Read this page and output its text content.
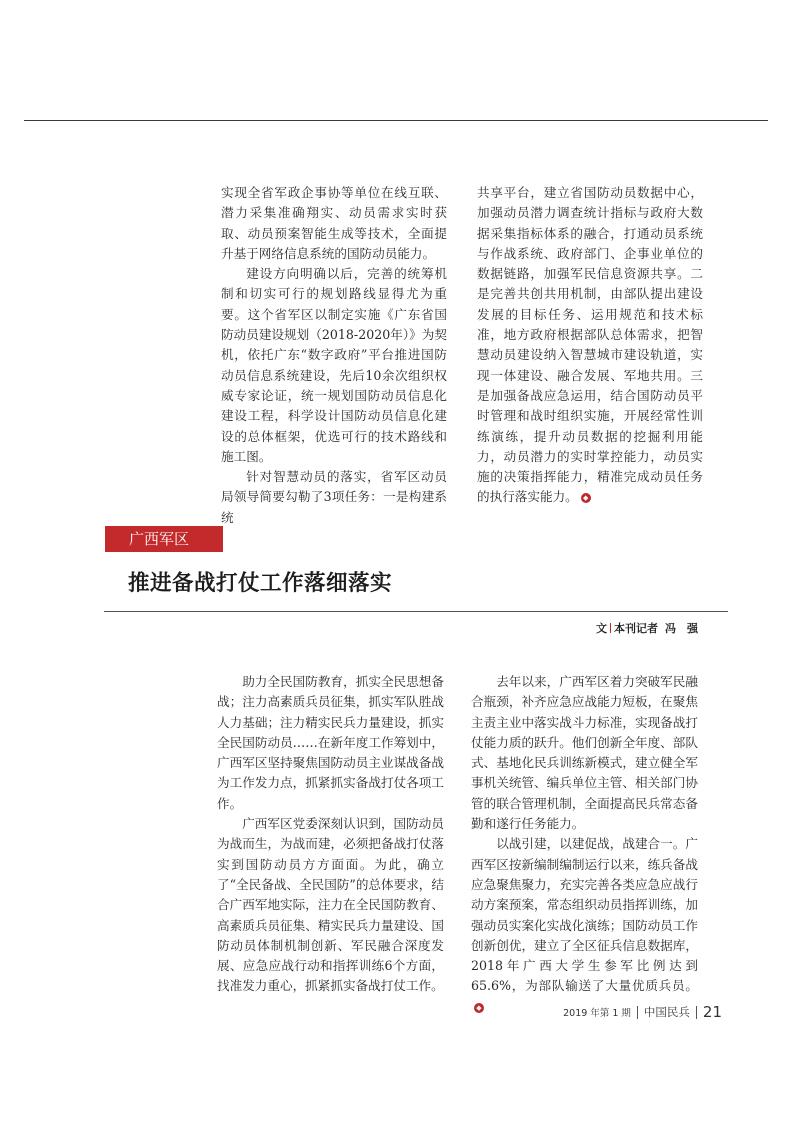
实现全省军政企事协等单位在线互联、潜力采集准确翔实、动员需求实时获取、动员预案智能生成等技术，全面提升基于网络信息系统的国防动员能力。

建设方向明确以后，完善的统筹机制和切实可行的规划路线显得尤为重要。这个省军区以制定实施《广东省国防动员建设规划（2018-2020年）》为契机，依托广东“数字政府”平台推进国防动员信息系统建设，先后10余次组织权威专家论证，统一规划国防动员信息化建设工程，科学设计国防动员信息化建设的总体框架，优选可行的技术路线和施工图。

针对智慧动员的落实，省军区动员局领导简要勾勒了3项任务：一是构建系统

共享平台，建立省国防动员数据中心，加强动员潜力调查统计指标与政府大数据采集指标体系的融合，打通动员系统与作战系统、政府部门、企事业单位的数据链路，加强军民信息资源共享。二是完善共创共用机制，由部队提出建设发展的目标任务、运用规范和技术标准，地方政府根据部队总体需求，把智慧动员建设纳入智慧城市建设轨道，实现一体建设、融合发展、军地共用。三是加强备战应急运用，结合国防动员平时管理和战时组织实施，开展经常性训练演练，提升动员数据的挖掘利用能力，动员潜力的实时掌控能力，动员实施的决策指挥能力，精准完成动员任务的执行落实能力。 ◆

广西军区
推进备战打仗工作落细落实
文 本刊记者 冯　强

助力全民国防教育，抓实全民思想备战；注力高素质兵员征集，抓实军队胜战人力基础；注力精实民兵力量建设，抓实全民国防动员……在新年度工作筹划中，广西军区坚持聚焦国防动员主业谋战备战为工作发力点，抓紧抓实备战打仗各项工作。

广西军区党委深刻认识到，国防动员为战而生，为战而建，必须把备战打仗落实到国防动员方方面面。为此，确立了“全民备战、全民国防”的总体要求，结合广西军地实际，注力在全民国防教育、高素质兵员征集、精实民兵力量建设、国防动员体制机制创新、军民融合深度发展、应急应战行动和指挥训练6个方面，找准发力重心，抓紧抓实备战打仗工作。

去年以来，广西军区着力突破军民融合瓶颈，补齐应急应战能力短板，在聚焦主责主业中落实战斗力标准，实现备战打仗能力质的跃升。他们创新全年度、部队式、基地化民兵训练新模式，建立健全军事机关统管、编兵单位主管、相关部门协管的联合管理机制，全面提高民兵常态备勤和遂行任务能力。

以战引建，以建促战，战建合一。广西军区按新编制编制运行以来，练兵备战应急聚焦聚力，充实完善各类应急应战行动方案预案，常态组织动员指挥训练，加强动员实案化实战化演练；国防动员工作创新创优，建立了全区征兵信息数据库，2018年广西大学生参军比例达到65.6%，为部队输送了大量优质兵员。◆

2019 年第 1 期 中国民兵 21
